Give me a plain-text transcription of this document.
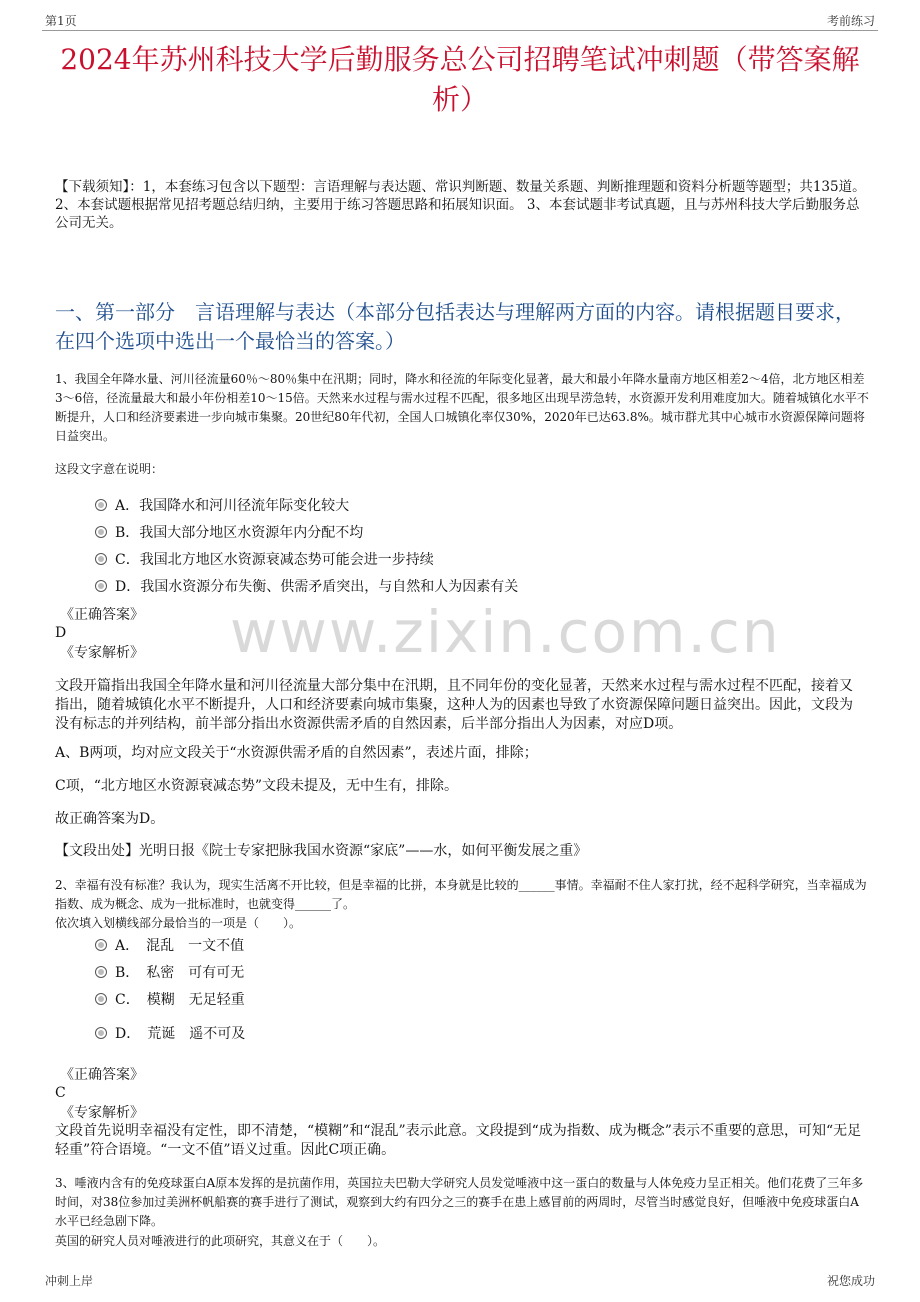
第1页	考前练习
www.zixin.com.cn
2024年苏州科技大学后勤服务总公司招聘笔试冲刺题（带答案解析）
【下载须知】：1，本套练习包含以下题型：言语理解与表达题、常识判断题、数量关系题、判断推理题和资料分析题等题型；共135道。 2、本套试题根据常见招考题总结归纳，主要用于练习答题思路和拓展知识面。 3、本套试题非考试真题，且与苏州科技大学后勤服务总公司无关。
一、第一部分　言语理解与表达（本部分包括表达与理解两方面的内容。请根据题目要求，在四个选项中选出一个最恰当的答案。）
1、我国全年降水量、河川径流量60％～80％集中在汛期；同时，降水和径流的年际变化显著，最大和最小年降水量南方地区相差2～4倍，北方地区相差3～6倍，径流量最大和最小年份相差10～15倍。天然来水过程与需水过程不匹配，很多地区出现旱涝急转，水资源开发利用难度加大。随着城镇化水平不断提升，人口和经济要素进一步向城市集聚。20世纪80年代初，全国人口城镇化率仅30%，2020年已达63.8%。城市群尤其中心城市水资源保障问题将日益突出。
这段文字意在说明：
A．我国降水和河川径流年际变化较大
B．我国大部分地区水资源年内分配不均
C．我国北方地区水资源衰减态势可能会进一步持续
D．我国水资源分布失衡、供需矛盾突出，与自然和人为因素有关
《正确答案》
D
《专家解析》
文段开篇指出我国全年降水量和河川径流量大部分集中在汛期，且不同年份的变化显著，天然来水过程与需水过程不匹配，接着又指出，随着城镇化水平不断提升，人口和经济要素向城市集聚，这种人为的因素也导致了水资源保障问题日益突出。因此，文段为没有标志的并列结构，前半部分指出水资源供需矛盾的自然因素，后半部分指出人为因素，对应D项。
A、B两项，均对应文段关于“水资源供需矛盾的自然因素”，表述片面，排除；
C项，“北方地区水资源衰减态势”文段未提及，无中生有，排除。
故正确答案为D。
【文段出处】光明日报《院士专家把脉我国水资源“家底”——水，如何平衡发展之重》
2、幸福有没有标准？我认为，现实生活离不开比较，但是幸福的比拼，本身就是比较的______事情。幸福耐不住人家打扰，经不起科学研究，当幸福成为指数、成为概念、成为一批标准时，也就变得______了。
依次填入划横线部分最恰当的一项是（　　）。
A．　混乱　一文不值
B．　私密　可有可无
C．　模糊　无足轻重
D．　荒诞　遥不可及
《正确答案》
C
《专家解析》
文段首先说明幸福没有定性，即不清楚，“模糊”和“混乱”表示此意。文段提到“成为指数、成为概念”表示不重要的意思，可知“无足轻重”符合语境。“一文不值”语义过重。因此C项正确。
3、唾液内含有的免疫球蛋白A原本发挥的是抗菌作用，英国拉夫巴勒大学研究人员发觉唾液中这一蛋白的数量与人体免疫力呈正相关。他们花费了三年多时间，对38位参加过美洲杯帆船赛的赛手进行了测试，观察到大约有四分之三的赛手在患上感冒前的两周时，尽管当时感觉良好，但唾液中免疫球蛋白A水平已经急剧下降。
英国的研究人员对唾液进行的此项研究，其意义在于（　　）。
冲刺上岸	祝您成功
